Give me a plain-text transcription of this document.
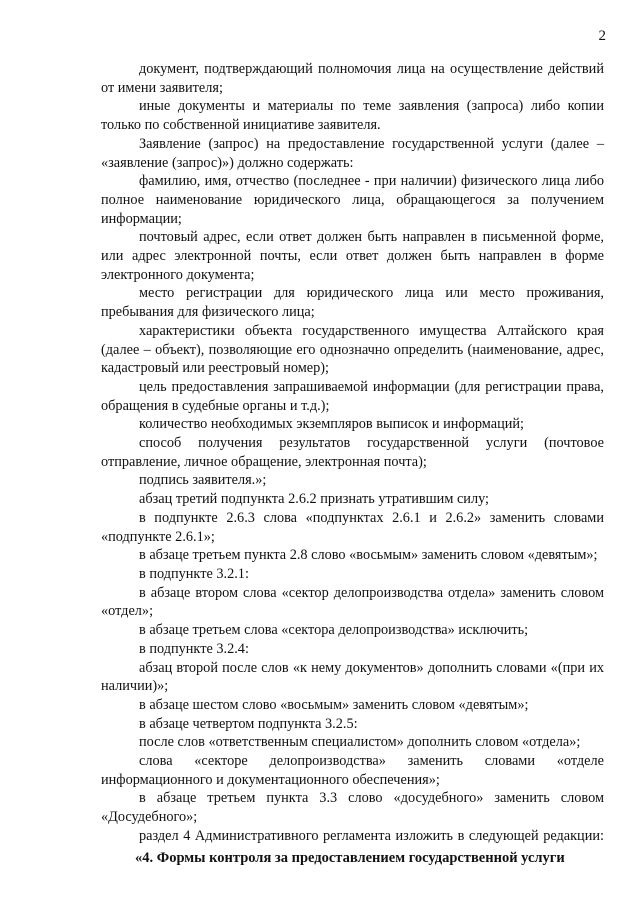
2

документ, подтверждающий полномочия лица на осуществление действий от имени заявителя;

иные документы и материалы по теме заявления (запроса) либо копии только по собственной инициативе заявителя.

Заявление (запрос) на предоставление государственной услуги (далее – «заявление (запрос)») должно содержать:

фамилию, имя, отчество (последнее - при наличии) физического лица либо полное наименование юридического лица, обращающегося за получением информации;

почтовый адрес, если ответ должен быть направлен в письменной форме, или адрес электронной почты, если ответ должен быть направлен в форме электронного документа;

место регистрации для юридического лица или место проживания, пребывания для физического лица;

характеристики объекта государственного имущества Алтайского края (далее – объект), позволяющие его однозначно определить (наименование, адрес, кадастровый или реестровый номер);

цель предоставления запрашиваемой информации (для регистрации права, обращения в судебные органы и т.д.);

количество необходимых экземпляров выписок и информаций;

способ получения результатов государственной услуги (почтовое отправление, личное обращение, электронная почта);

подпись заявителя.»;

абзац третий подпункта 2.6.2 признать утратившим силу;

в подпункте 2.6.3 слова «подпунктах 2.6.1 и 2.6.2» заменить словами «подпункте 2.6.1»;

в абзаце третьем пункта 2.8 слово «восьмым» заменить словом «девятым»;

в подпункте 3.2.1:

в абзаце втором слова «сектор делопроизводства отдела» заменить словом «отдел»;

в абзаце третьем слова «сектора делопроизводства» исключить;

в подпункте 3.2.4:

абзац второй после слов «к нему документов» дополнить словами «(при их наличии)»;

в абзаце шестом слово «восьмым» заменить словом «девятым»;

в абзаце четвертом подпункта 3.2.5:

после слов «ответственным специалистом» дополнить словом «отдела»;

слова «секторе делопроизводства» заменить словами «отделе информационного и документационного обеспечения»;

в абзаце третьем пункта 3.3 слово «досудебного» заменить словом «Досудебного»;

раздел 4 Административного регламента изложить в следующей редакции:

«4. Формы контроля за предоставлением государственной услуги
